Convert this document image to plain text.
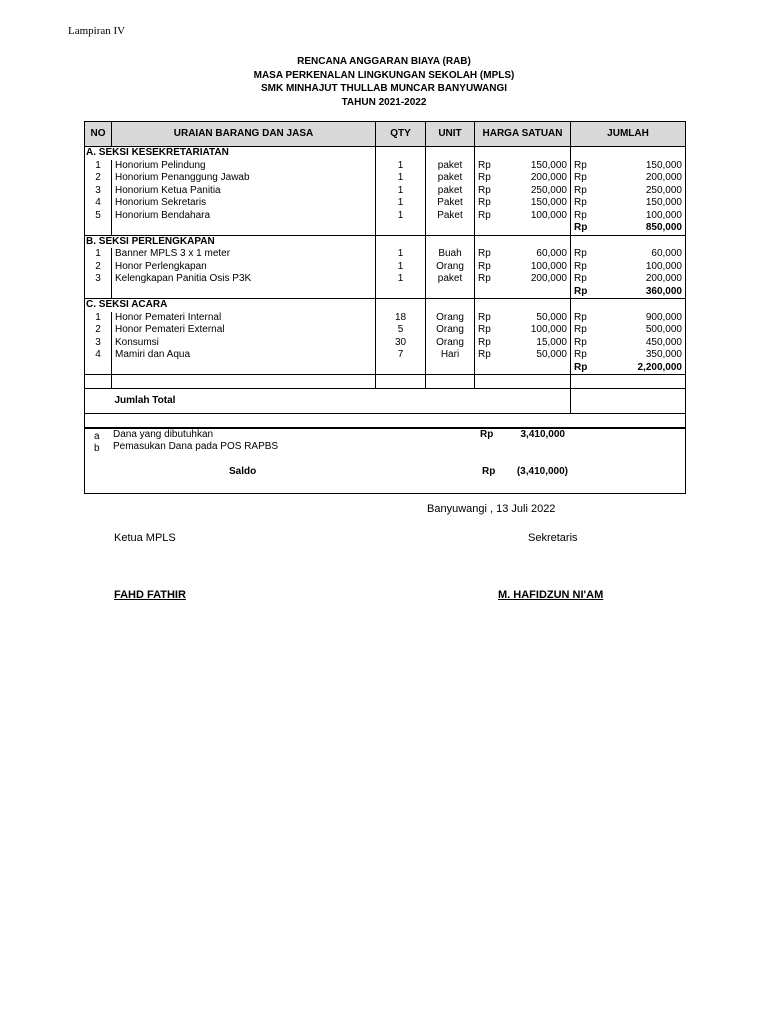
Lampiran IV
RENCANA ANGGARAN BIAYA (RAB)
MASA PERKENALAN LINGKUNGAN SEKOLAH (MPLS)
SMK MINHAJUT THULLAB MUNCAR BANYUWANGI
TAHUN 2021-2022
NO	URAIAN BARANG DAN JASA	QTY	UNIT	HARGA SATUAN	JUMLAH	
A. SEKSI KESEKRETARIATAN						
1	Honorium Pelindung	1	paket	Rp 150,000	Rp 150,000	

2	Honorium Penanggung Jawab	1	paket	Rp 200,000	Rp 200,000	

3	Honorium Ketua Panitia	1	paket	Rp 250,000	Rp 250,000	

4	Honorium Sekretaris	1	Paket	Rp 150,000	Rp 150,000	

5	Honorium Bendahara	1	Paket	Rp 100,000	Rp 100,000	

					Rp 850,000	

B. SEKSI PERLENGKAPAN						
1	Banner MPLS 3 x 1 meter	1	Buah	Rp 60,000	Rp 60,000	

2	Honor Perlengkapan	1	Orang	Rp 100,000	Rp 100,000	

3	Kelengkapan Panitia Osis P3K	1	paket	Rp 200,000	Rp 200,000	

					Rp 360,000	

C. SEKSI ACARA						
1	Honor Pemateri Internal	18	Orang	Rp 50,000	Rp 900,000	

2	Honor Pemateri External	5	Orang	Rp 100,000	Rp 500,000	

3	Konsumsi	30	Orang	Rp 15,000	Rp 450,000	

4	Mamiri dan Aqua	7	Hari	Rp 50,000	Rp 350,000	

					Rp 2,200,000	

	Jumlah Total		

a Dana yang dibutuhkan	Rp	3,410,000
b Pemasukan Dana pada POS RAPBS
Saldo	Rp	(3,410,000)
Banyuwangi , 13 Juli 2022
Ketua MPLS	Sekretaris
FAHD FATHIR	M. HAFIDZUN NI'AM
